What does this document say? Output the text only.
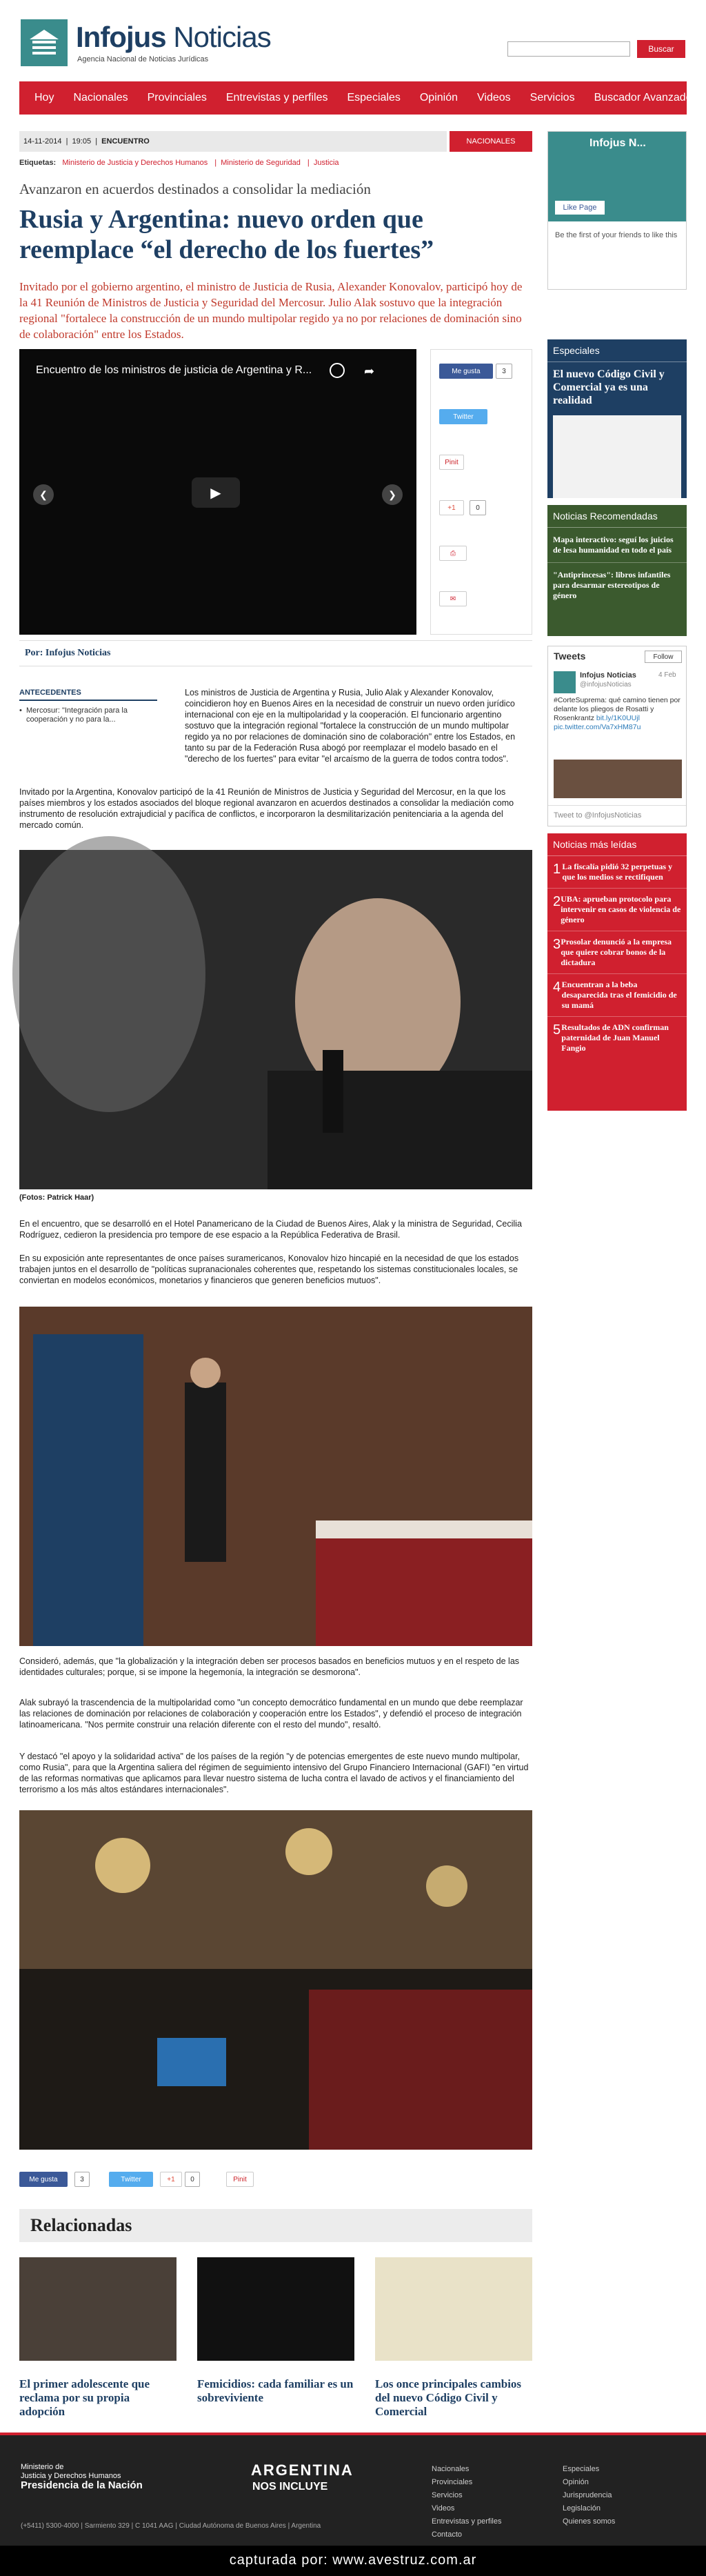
Infojus Noticias
Agencia Nacional de Noticias Jurídicas
Buscar
Hoy	Nacionales	Provinciales	Entrevistas y perfiles	Especiales	Opinión	Videos	Servicios	Buscador Avanzado
14-11-2014 | 19:05 | ENCUENTRO	NACIONALES
Etiquetas: Ministerio de Justicia y Derechos Humanos |  Ministerio de Seguridad |  Justicia
Avanzaron en acuerdos destinados a consolidar la mediación
Rusia y Argentina: nuevo orden que reemplace “el derecho de los fuertes”
Invitado por el gobierno argentino, el ministro de Justicia de Rusia, Alexander Konovalov, participó hoy de la 41 Reunión de Ministros de Justicia y Seguridad del Mercosur. Julio Alak sostuvo que la integración regional "fortalece la construcción de un mundo multipolar regido ya no por relaciones de dominación sino de colaboración" entre los Estados.
Encuentro de los ministros de justicia de Argentina y R...	➦
❮	▶	❯
Me gusta	3
Twitter
Pinit
+1	0
⎙
✉
Por: Infojus Noticias
ANTECEDENTES
• Mercosur: "Integración para la cooperación y no para la...
Los ministros de Justicia de Argentina y Rusia, Julio Alak y Alexander Konovalov, coincidieron hoy en Buenos Aires en la necesidad de construir un nuevo orden jurídico internacional con eje en la multipolaridad y la cooperación. El funcionario argentino sostuvo que la integración regional "fortalece la construcción de un mundo multipolar regido ya no por relaciones de dominación sino de colaboración" entre los Estados, en tanto su par de la Federación Rusa abogó por reemplazar el modelo basado en el "derecho de los fuertes" para evitar "el arcaísmo de la guerra de todos contra todos".
Invitado por la Argentina, Konovalov participó de la 41 Reunión de Ministros de Justicia y Seguridad del Mercosur, en la que los países miembros y los estados asociados del bloque regional avanzaron en acuerdos destinados a consolidar la mediación como instrumento de resolución extrajudicial y pacífica de conflictos, e incorporaron la desmilitarización penitenciaria a la agenda del mercado común.
(Fotos: Patrick Haar)
En el encuentro, que se desarrolló en el Hotel Panamericano de la Ciudad de Buenos Aires, Alak y la ministra de Seguridad, Cecilia Rodríguez, cedieron la presidencia pro tempore de ese espacio a la República Federativa de Brasil.
En su exposición ante representantes de once países suramericanos, Konovalov hizo hincapié en la necesidad de que los estados trabajen juntos en el desarrollo de "políticas supranacionales coherentes que, respetando los sistemas constitucionales locales, se conviertan en modelos económicos, monetarios y financieros que generen beneficios mutuos".
Consideró, además, que "la globalización y la integración deben ser procesos basados en beneficios mutuos y en el respeto de las identidades culturales; porque, si se impone la hegemonía, la integración se desmorona".
Alak subrayó la trascendencia de la multipolaridad como "un concepto democrático fundamental en un mundo que debe reemplazar las relaciones de dominación por relaciones de colaboración y cooperación entre los Estados", y defendió el proceso de integración latinoamericana. "Nos permite construir una relación diferente con el resto del mundo", resaltó.
Y destacó "el apoyo y la solidaridad activa" de los países de la región "y de potencias emergentes de este nuevo mundo multipolar, como Rusia", para que la Argentina saliera del régimen de seguimiento intensivo del Grupo Financiero Internacional (GAFI) "en virtud de las reformas normativas que aplicamos para llevar nuestro sistema de lucha contra el lavado de activos y el financiamiento del terrorismo a los más altos estándares internacionales".
Me gusta	3	Twitter	+1	0	Pinit
Relacionadas
El primer adolescente que reclama por su propia adopción
Femicidios: cada familiar es un sobreviviente
Los once principales cambios del nuevo Código Civil y Comercial
Infojus N...
Like Page
Be the first of your friends to like this
Especiales
El nuevo Código Civil y Comercial ya es una realidad
Noticias Recomendadas
Mapa interactivo: seguí los juicios de lesa humanidad en todo el país
"Antiprincesas": libros infantiles para desarmar estereotipos de género
Tweets	Follow
Infojus Noticias	4 Feb
@infojusNoticias
#CorteSuprema: qué camino tienen por delante los pliegos de Rosatti y Rosenkrantz bit.ly/1K0UUjl pic.twitter.com/Va7xHM87u
Tweet to @InfojusNoticias
Noticias más leídas
1 La fiscalía pidió 32 perpetuas y que los medios se rectifiquen
2 UBA: aprueban protocolo para intervenir en casos de violencia de género
3 Prosolar denunció a la empresa que quiere cobrar bonos de la dictadura
4 Encuentran a la beba desaparecida tras el femicidio de su mamá
5 Resultados de ADN confirman paternidad de Juan Manuel Fangio
Ministerio de
Justicia y Derechos Humanos
Presidencia de la Nación
ARGENTINA
NOS INCLUYE
(+5411) 5300-4000 | Sarmiento 329 | C 1041 AAG | Ciudad Autónoma de Buenos Aires | Argentina
Nacionales
Provinciales
Servicios
Videos
Entrevistas y perfiles
Contacto
Especiales
Opinión
Jurisprudencia
Legislación
Quienes somos
capturada por: www.avestruz.com.ar
